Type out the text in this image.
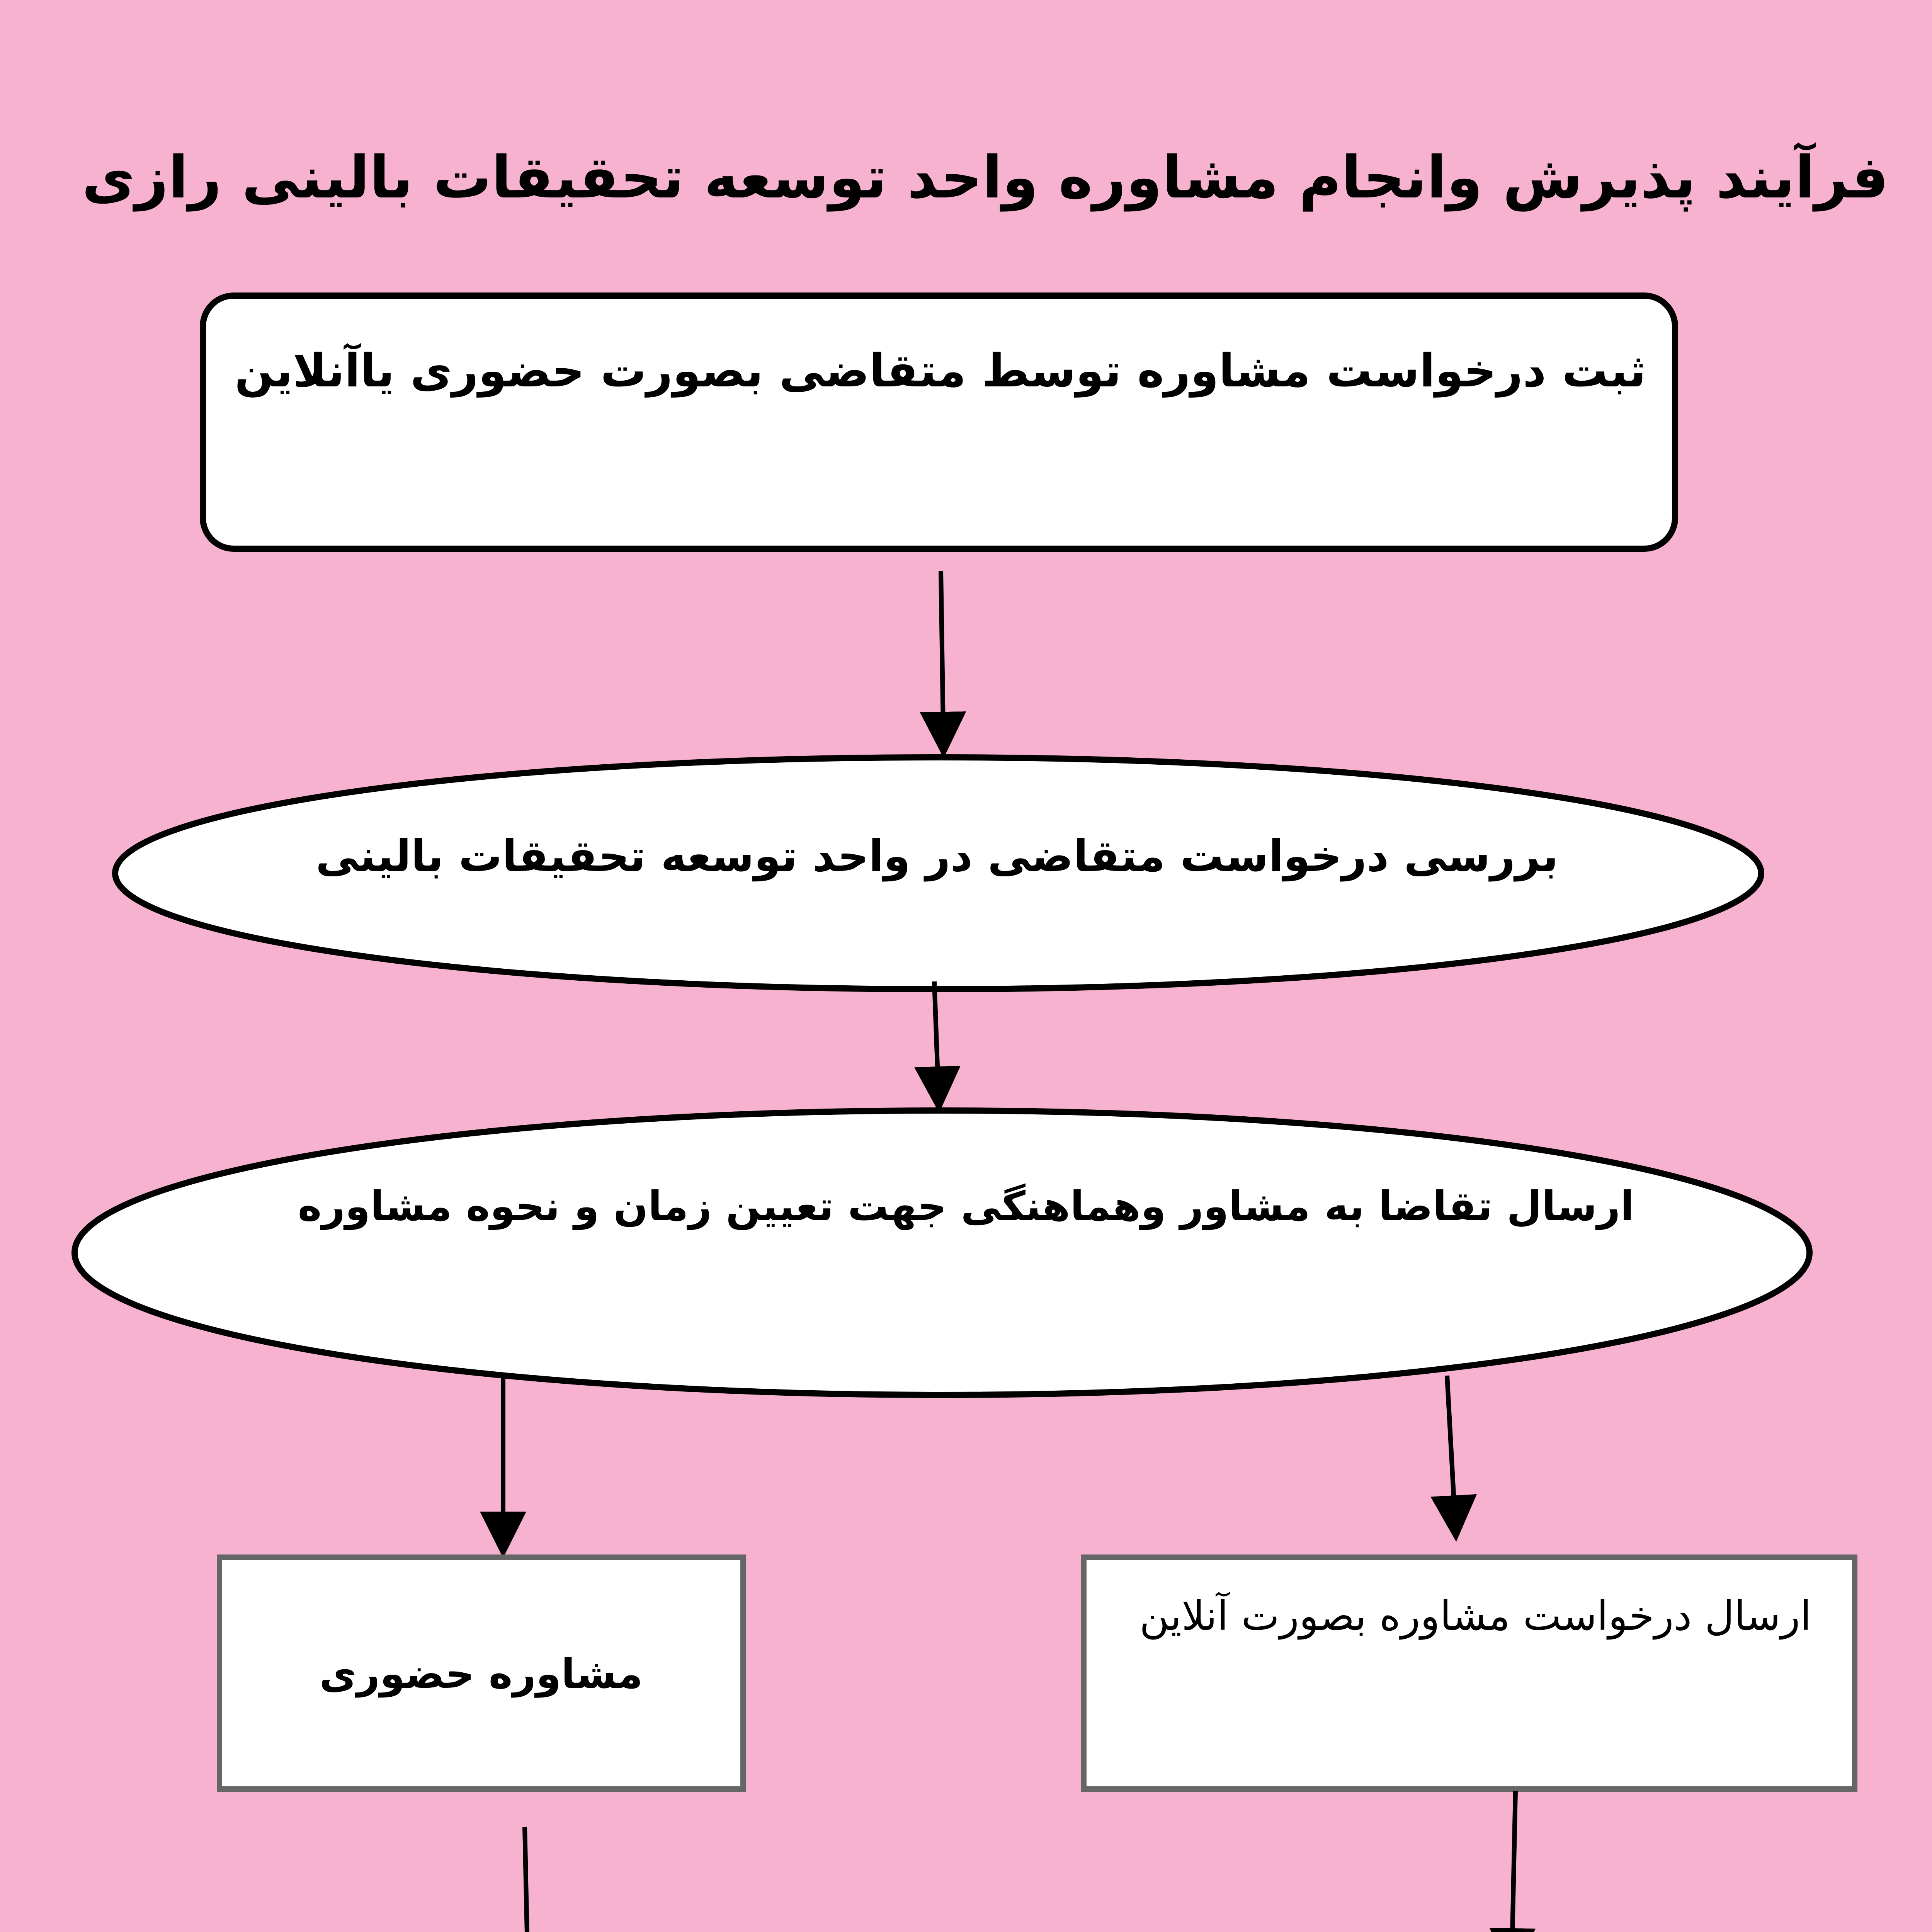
فرآیند پذیرش وانجام مشاوره واحد توسعه تحقیقات بالینی رازی

ثبت درخواست مشاوره توسط متقاضی بصورت حضوری یاآنلاین

بررسی درخواست متقاضی در واحد توسعه تحقیقات بالینی

ارسال تقاضا به مشاور وهماهنگی جهت تعیین زمان و نحوه مشاوره

مشاوره حضوری

ارسال درخواست مشاوره بصورت آنلاین
